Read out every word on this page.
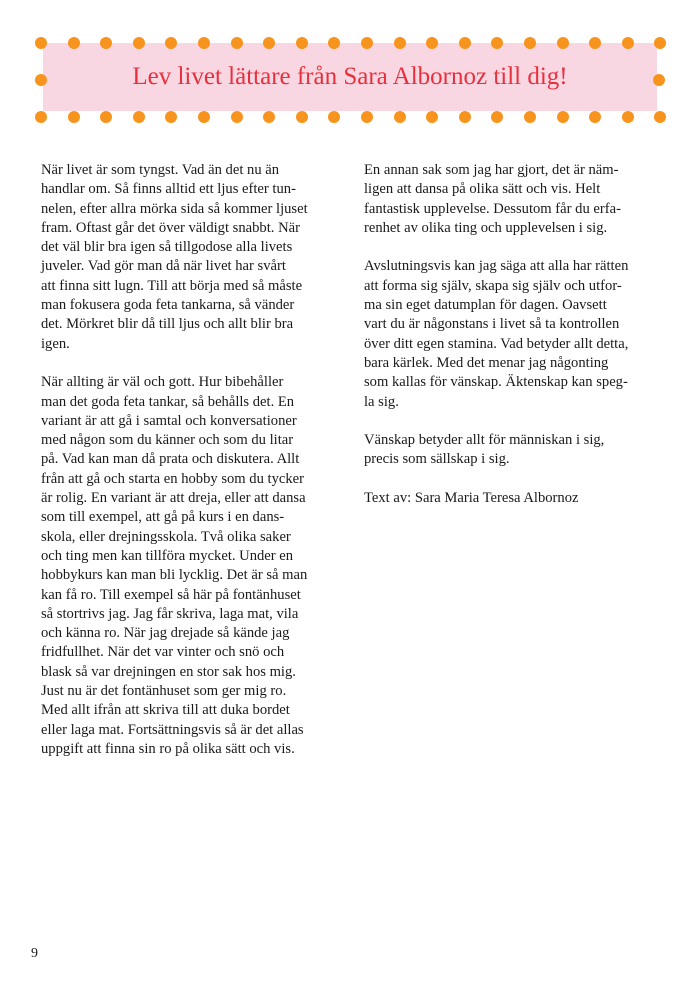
Lev livet lättare från Sara Albornoz till dig!
När livet är som tyngst. Vad än det nu än
handlar om. Så finns alltid ett ljus efter tun-
nelen, efter allra mörka sida så kommer ljuset
fram. Oftast går det över väldigt snabbt. När
det väl blir bra igen så tillgodose alla livets
juveler. Vad gör man då när livet har svårt
att finna sitt lugn. Till att börja med så måste
man fokusera goda feta tankarna, så vänder
det. Mörkret blir då till ljus och allt blir bra
igen.
När allting är väl och gott. Hur bibehåller
man det goda feta tankar, så behålls det. En
variant är att gå i samtal och konversationer
med någon som du känner och som du litar
på. Vad kan man då prata och diskutera. Allt
från att gå och starta en hobby som du tycker
är rolig. En variant är att dreja, eller att dansa
som till exempel, att gå på kurs i en dans-
skola, eller drejningsskola. Två olika saker
och ting men kan tillföra mycket. Under en
hobbykurs kan man bli lycklig. Det är så man
kan få ro. Till exempel så här på fontänhuset
så stortrivs jag. Jag får skriva, laga mat, vila
och känna ro. När jag drejade så kände jag
fridfullhet. När det var vinter och snö och
blask så var drejningen en stor sak hos mig.
Just nu är det fontänhuset som ger mig ro.
Med allt ifrån att skriva till att duka bordet
eller laga mat. Fortsättningsvis så är det allas
uppgift att finna sin ro på olika sätt och vis.
En annan sak som jag har gjort, det är näm-
ligen att dansa på olika sätt och vis. Helt
fantastisk upplevelse. Dessutom får du erfa-
renhet av olika ting och upplevelsen i sig.
Avslutningsvis kan jag säga att alla har rätten
att forma sig själv, skapa sig själv och utfor-
ma sin eget datumplan för dagen. Oavsett
vart du är någonstans i livet så ta kontrollen
över ditt egen stamina. Vad betyder allt detta,
bara kärlek. Med det menar jag någonting
som kallas för vänskap. Äktenskap kan speg-
la sig.
Vänskap betyder allt för människan i sig,
precis som sällskap i sig.
Text av: Sara Maria Teresa Albornoz
9
